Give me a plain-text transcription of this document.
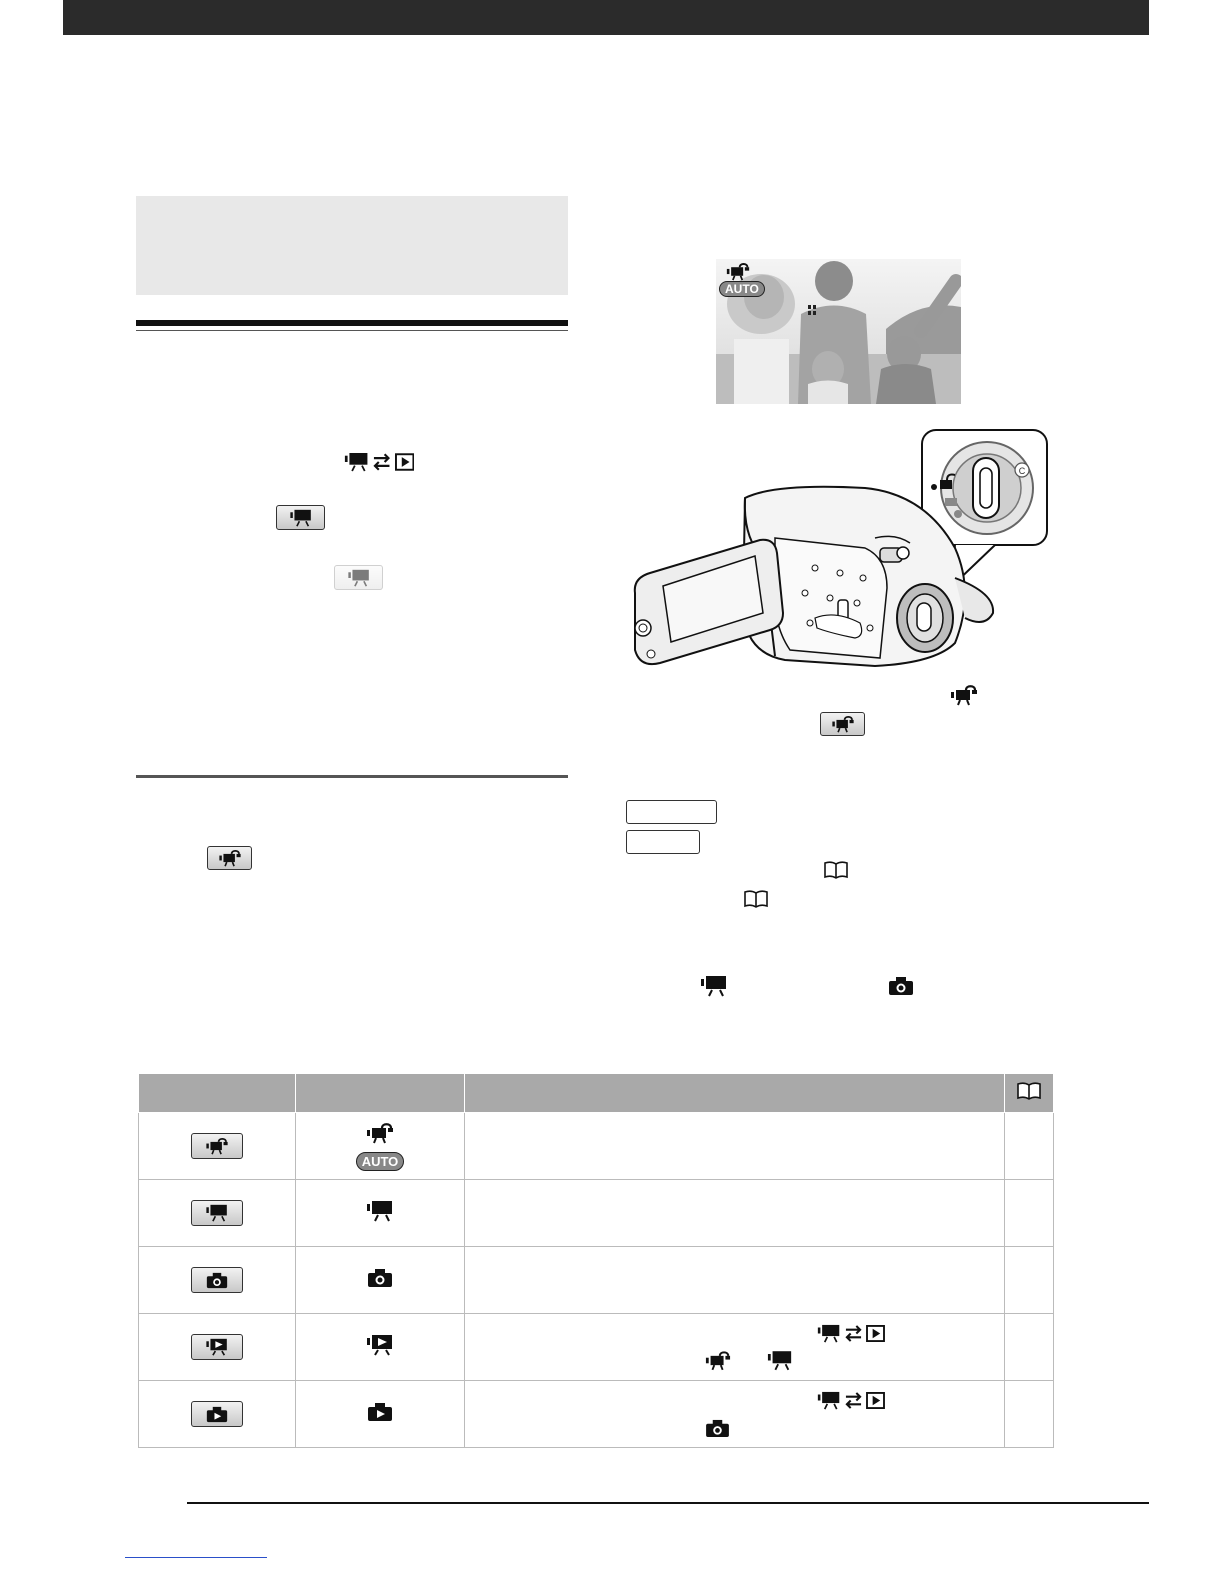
AUTO
C

AUTO		
